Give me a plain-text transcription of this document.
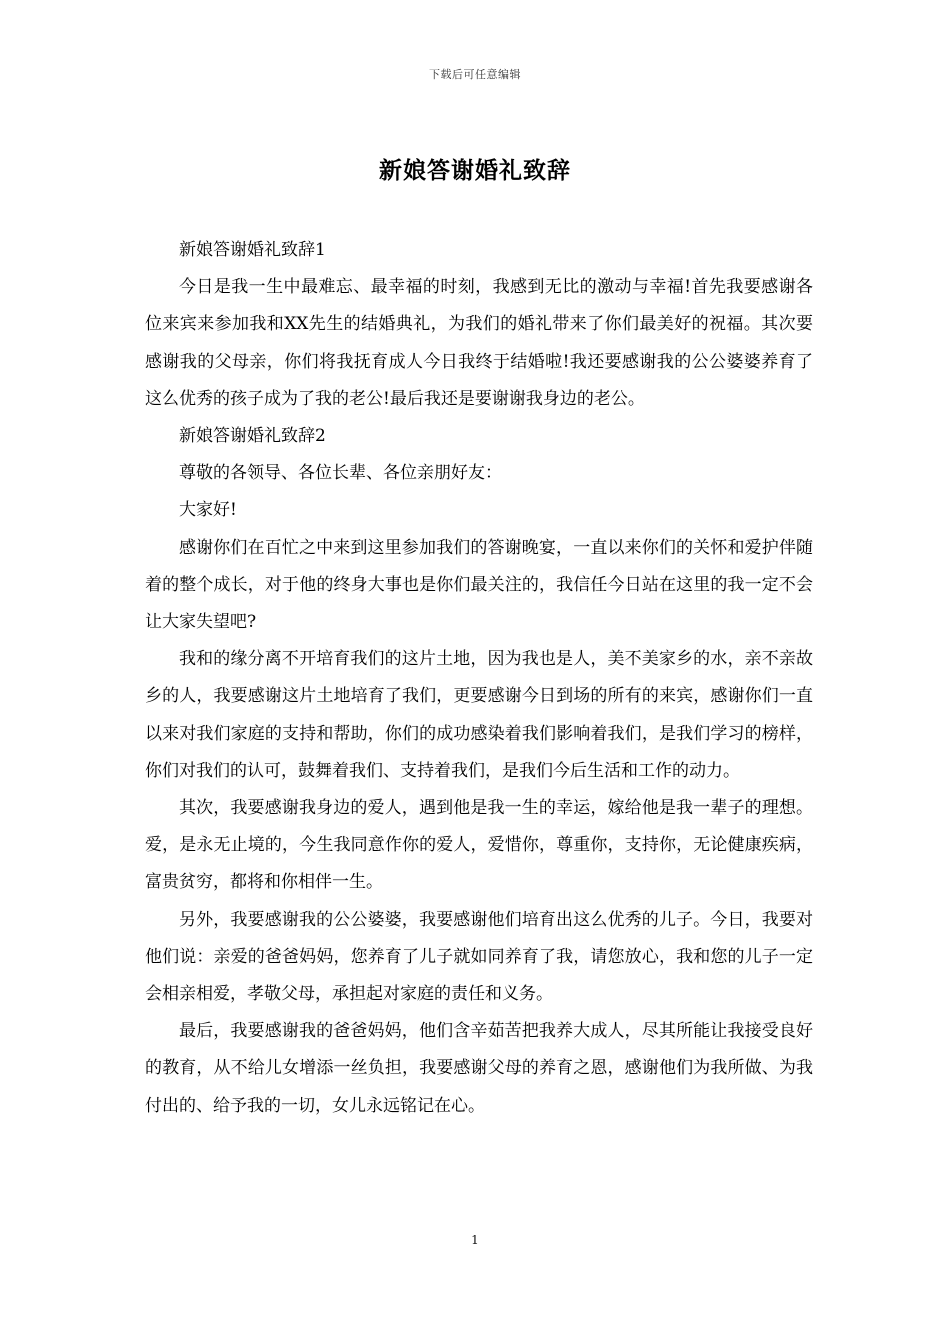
下载后可任意编辑
新娘答谢婚礼致辞

新娘答谢婚礼致辞1

今日是我一生中最难忘、最幸福的时刻，我感到无比的激动与幸福!首先我要感谢各位来宾来参加我和XX先生的结婚典礼，为我们的婚礼带来了你们最美好的祝福。其次要感谢我的父母亲，你们将我抚育成人今日我终于结婚啦!我还要感谢我的公公婆婆养育了这么优秀的孩子成为了我的老公!最后我还是要谢谢我身边的老公。

新娘答谢婚礼致辞2

尊敬的各领导、各位长辈、各位亲朋好友：

大家好!

感谢你们在百忙之中来到这里参加我们的答谢晚宴，一直以来你们的关怀和爱护伴随着的整个成长，对于他的终身大事也是你们最关注的，我信任今日站在这里的我一定不会让大家失望吧?

我和的缘分离不开培育我们的这片土地，因为我也是人，美不美家乡的水，亲不亲故乡的人，我要感谢这片土地培育了我们，更要感谢今日到场的所有的来宾，感谢你们一直以来对我们家庭的支持和帮助，你们的成功感染着我们影响着我们，是我们学习的榜样，你们对我们的认可，鼓舞着我们、支持着我们，是我们今后生活和工作的动力。

其次，我要感谢我身边的爱人，遇到他是我一生的幸运，嫁给他是我一辈子的理想。爱，是永无止境的，今生我同意作你的爱人，爱惜你，尊重你，支持你，无论健康疾病，富贵贫穷，都将和你相伴一生。

另外，我要感谢我的公公婆婆，我要感谢他们培育出这么优秀的儿子。今日，我要对他们说：亲爱的爸爸妈妈，您养育了儿子就如同养育了我，请您放心，我和您的儿子一定会相亲相爱，孝敬父母，承担起对家庭的责任和义务。

最后，我要感谢我的爸爸妈妈，他们含辛茹苦把我养大成人，尽其所能让我接受良好的教育，从不给儿女增添一丝负担，我要感谢父母的养育之恩，感谢他们为我所做、为我付出的、给予我的一切，女儿永远铭记在心。

1
